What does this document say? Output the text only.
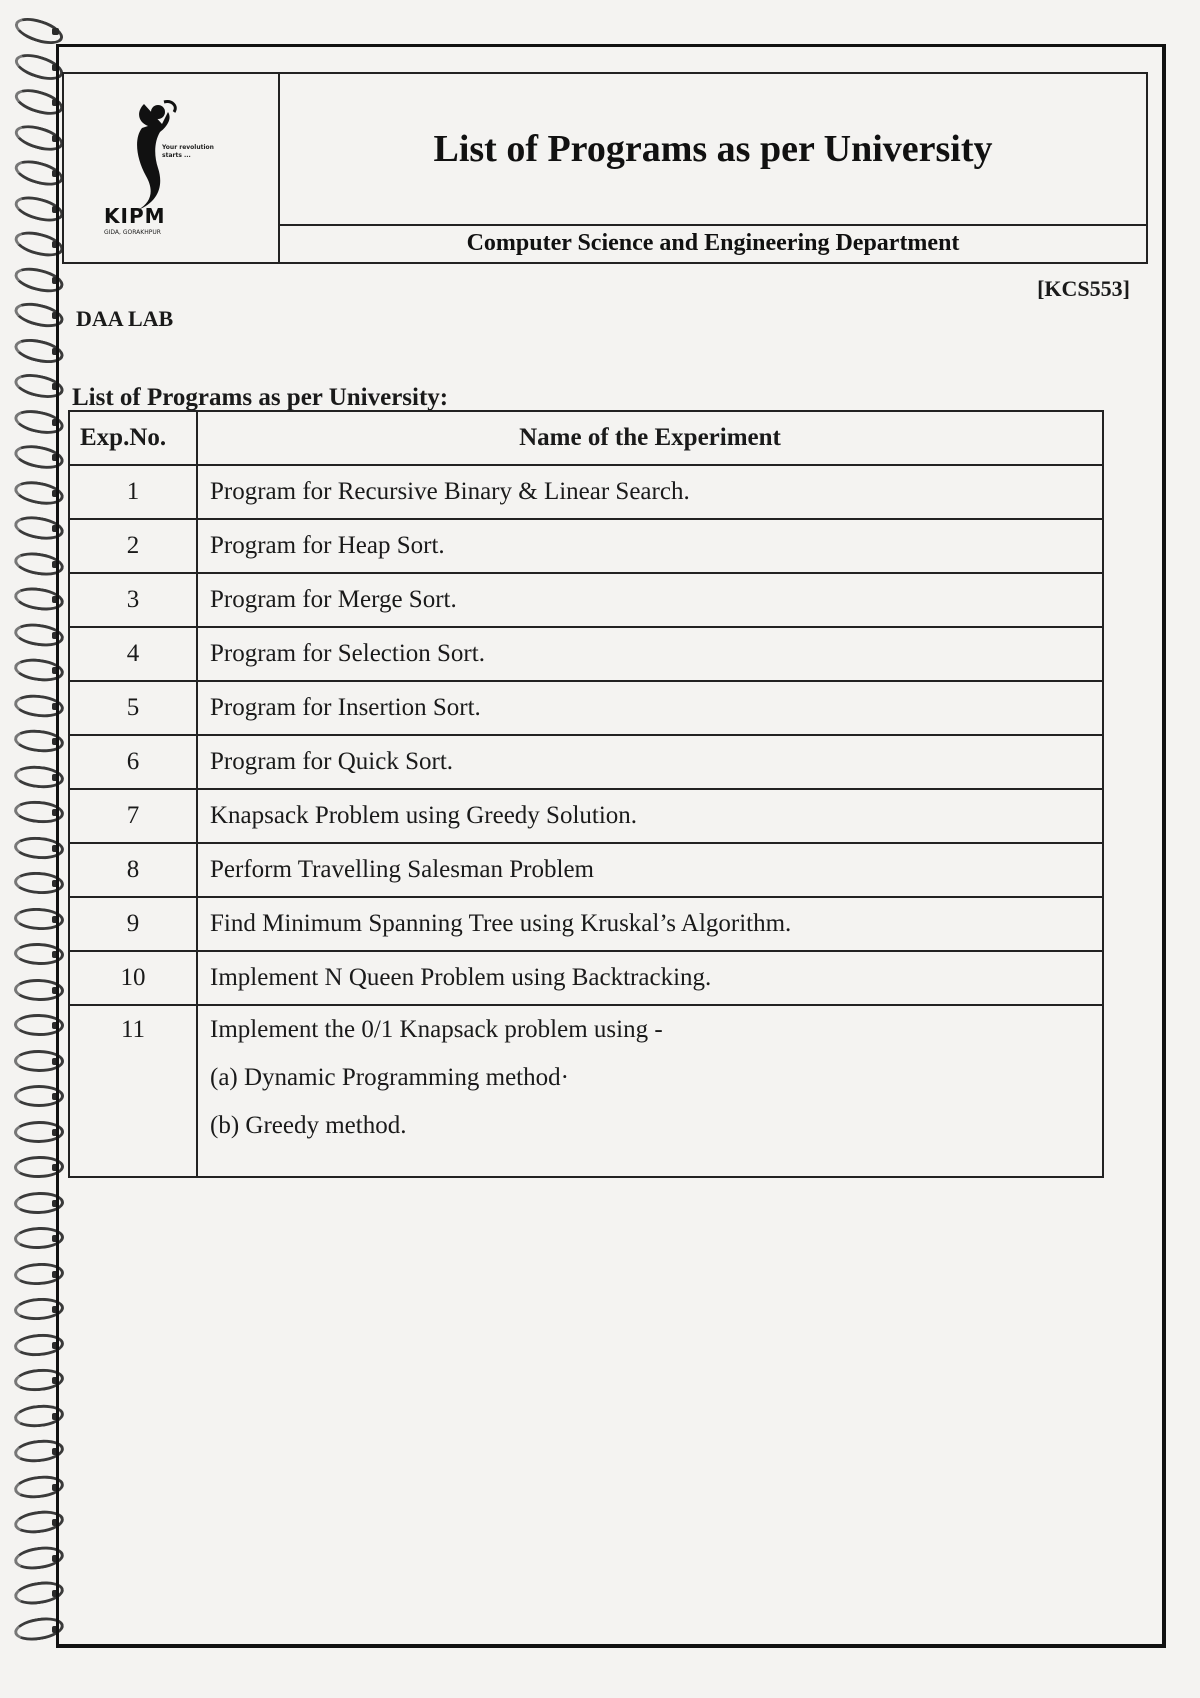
Your revolution starts ...
KIPM
GIDA, GORAKHPUR
List of Programs as per University
Computer Science and Engineering Department
[KCS553]
DAA LAB
List of Programs as per University:
Exp.No.	Name of the Experiment
1	Program for Recursive Binary & Linear Search.
2	Program for Heap Sort.
3	Program for Merge Sort.
4	Program for Selection Sort.
5	Program for Insertion Sort.
6	Program for Quick Sort.
7	Knapsack Problem using Greedy Solution.
8	Perform Travelling Salesman Problem
9	Find Minimum Spanning Tree using Kruskal’s Algorithm.
10	Implement N Queen Problem using Backtracking.
11	Implement the 0/1 Knapsack problem using -
(a) Dynamic Programming method·
(b) Greedy method.
